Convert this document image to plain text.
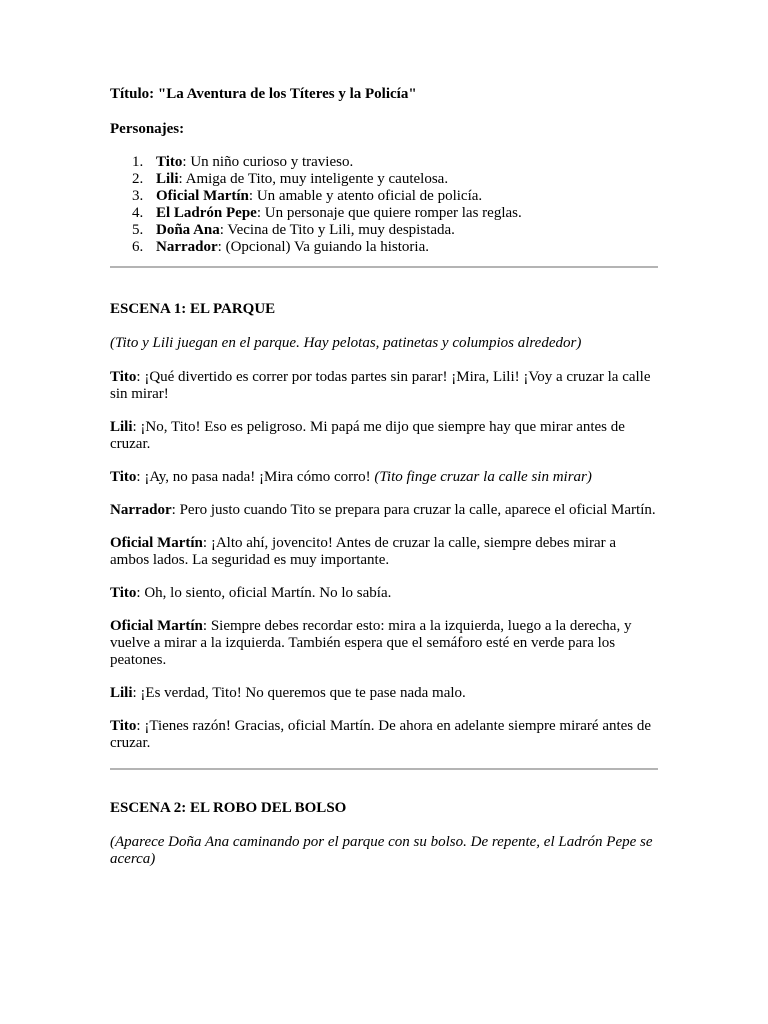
Título: "La Aventura de los Títeres y la Policía"

Personajes:

1. Tito: Un niño curioso y travieso.
2. Lili: Amiga de Tito, muy inteligente y cautelosa.
3. Oficial Martín: Un amable y atento oficial de policía.
4. El Ladrón Pepe: Un personaje que quiere romper las reglas.
5. Doña Ana: Vecina de Tito y Lili, muy despistada.
6. Narrador: (Opcional) Va guiando la historia.

ESCENA 1: EL PARQUE

(Tito y Lili juegan en el parque. Hay pelotas, patinetas y columpios alrededor)

Tito: ¡Qué divertido es correr por todas partes sin parar! ¡Mira, Lili! ¡Voy a cruzar la calle sin mirar!

Lili: ¡No, Tito! Eso es peligroso. Mi papá me dijo que siempre hay que mirar antes de cruzar.

Tito: ¡Ay, no pasa nada! ¡Mira cómo corro! (Tito finge cruzar la calle sin mirar)

Narrador: Pero justo cuando Tito se prepara para cruzar la calle, aparece el oficial Martín.

Oficial Martín: ¡Alto ahí, jovencito! Antes de cruzar la calle, siempre debes mirar a ambos lados. La seguridad es muy importante.

Tito: Oh, lo siento, oficial Martín. No lo sabía.

Oficial Martín: Siempre debes recordar esto: mira a la izquierda, luego a la derecha, y vuelve a mirar a la izquierda. También espera que el semáforo esté en verde para los peatones.

Lili: ¡Es verdad, Tito! No queremos que te pase nada malo.

Tito: ¡Tienes razón! Gracias, oficial Martín. De ahora en adelante siempre miraré antes de cruzar.

ESCENA 2: EL ROBO DEL BOLSO

(Aparece Doña Ana caminando por el parque con su bolso. De repente, el Ladrón Pepe se acerca)
